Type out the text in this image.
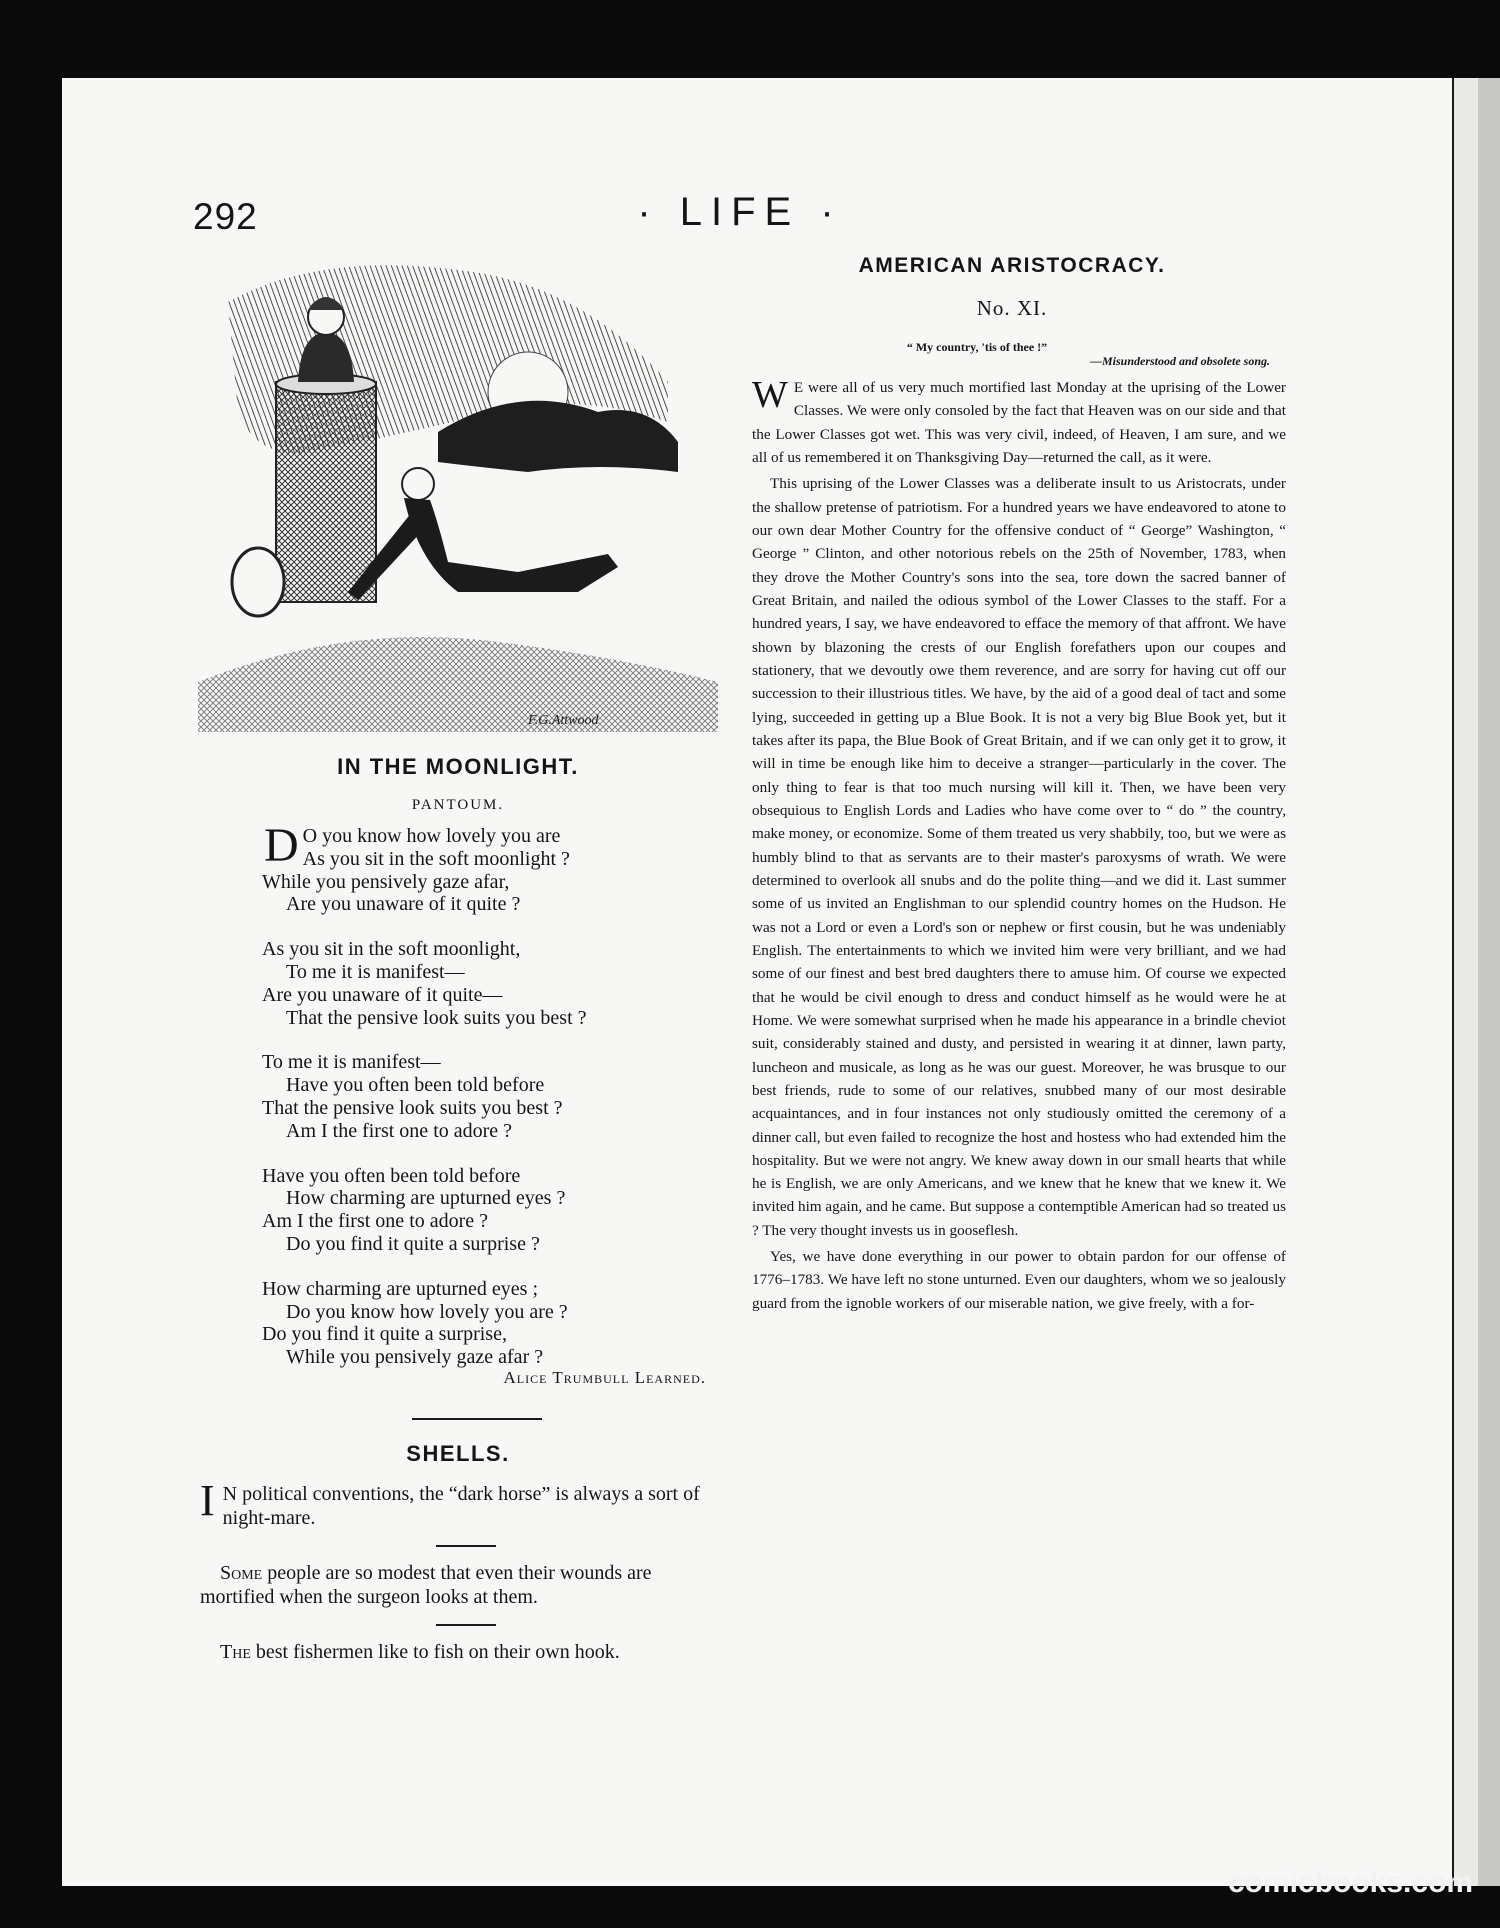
292	· LIFE ·
F.G.Attwood
IN THE MOONLIGHT.
PANTOUM.
D O you know how lovely you are
As you sit in the soft moonlight ?
While you pensively gaze afar,
Are you unaware of it quite ?
As you sit in the soft moonlight,
To me it is manifest—
Are you unaware of it quite—
That the pensive look suits you best ?
To me it is manifest—
Have you often been told before
That the pensive look suits you best ?
Am I the first one to adore ?
Have you often been told before
How charming are upturned eyes ?
Am I the first one to adore ?
Do you find it quite a surprise ?
How charming are upturned eyes ;
Do you know how lovely you are ?
Do you find it quite a surprise,
While you pensively gaze afar ?
Alice Trumbull Learned.
SHELLS.
I N political conventions, the “dark horse” is always a sort of night-mare.
Some people are so modest that even their wounds are mortified when the surgeon looks at them.
The best fishermen like to fish on their own hook.
AMERICAN ARISTOCRACY.
No. XI.
“ My country, 'tis of thee !”
—Misunderstood and obsolete song.

W E were all of us very much mortified last Monday at the uprising of the Lower Classes. We were only consoled by the fact that Heaven was on our side and that the Lower Classes got wet. This was very civil, indeed, of Heaven, I am sure, and we all of us remembered it on Thanksgiving Day—returned the call, as it were.

This uprising of the Lower Classes was a deliberate insult to us Aristocrats, under the shallow pretense of patriotism. For a hundred years we have endeavored to atone to our own dear Mother Country for the offensive conduct of “ George” Washington, “ George ” Clinton, and other notorious rebels on the 25th of November, 1783, when they drove the Mother Country's sons into the sea, tore down the sacred banner of Great Britain, and nailed the odious symbol of the Lower Classes to the staff. For a hundred years, I say, we have endeavored to efface the memory of that affront. We have shown by blazoning the crests of our English forefathers upon our coupes and stationery, that we devoutly owe them reverence, and are sorry for having cut off our succession to their illustrious titles. We have, by the aid of a good deal of tact and some lying, succeeded in getting up a Blue Book. It is not a very big Blue Book yet, but it takes after its papa, the Blue Book of Great Britain, and if we can only get it to grow, it will in time be enough like him to deceive a stranger—particularly in the cover. The only thing to fear is that too much nursing will kill it. Then, we have been very obsequious to English Lords and Ladies who have come over to “ do ” the country, make money, or economize. Some of them treated us very shabbily, too, but we were as humbly blind to that as servants are to their master's paroxysms of wrath. We were determined to overlook all snubs and do the polite thing—and we did it. Last summer some of us invited an Englishman to our splendid country homes on the Hudson. He was not a Lord or even a Lord's son or nephew or first cousin, but he was undeniably English. The entertainments to which we invited him were very brilliant, and we had some of our finest and best bred daughters there to amuse him. Of course we expected that he would be civil enough to dress and conduct himself as he would were he at Home. We were somewhat surprised when he made his appearance in a brindle cheviot suit, considerably stained and dusty, and persisted in wearing it at dinner, lawn party, luncheon and musicale, as long as he was our guest. Moreover, he was brusque to our best friends, rude to some of our relatives, snubbed many of our most desirable acquaintances, and in four instances not only studiously omitted the ceremony of a dinner call, but even failed to recognize the host and hostess who had extended him the hospitality. But we were not angry. We knew away down in our small hearts that while he is English, we are only Americans, and we knew that he knew that we knew it. We invited him again, and he came. But suppose a contemptible American had so treated us ? The very thought invests us in gooseflesh.

Yes, we have done everything in our power to obtain pardon for our offense of 1776–1783. We have left no stone unturned. Even our daughters, whom we so jealously guard from the ignoble workers of our miserable nation, we give freely, with a for-

comicbooks.com
